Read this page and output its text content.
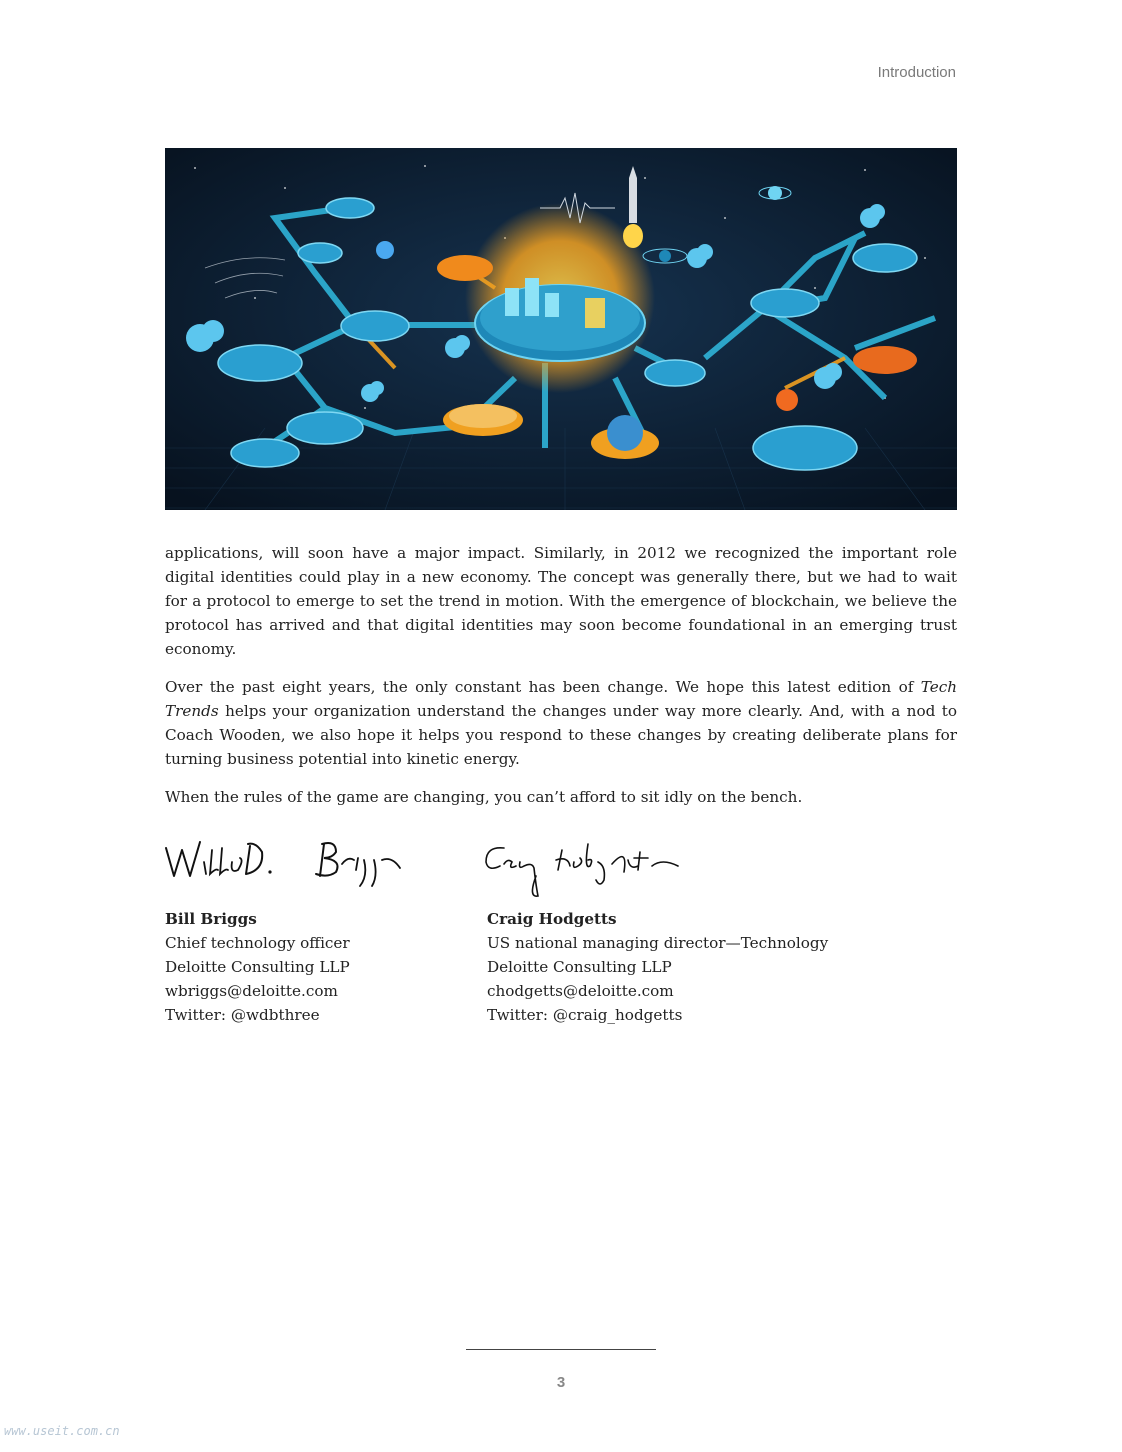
Introduction

applications, will soon have a major impact. Similarly, in 2012 we recognized the important role digital identities could play in a new economy. The concept was generally there, but we had to wait for a protocol to emerge to set the trend in motion. With the emergence of blockchain, we believe the protocol has arrived and that digital identities may soon become foundational in an emerging trust economy.

Over the past eight years, the only constant has been change. We hope this latest edition of Tech Trends helps your organization understand the changes under way more clearly. And, with a nod to Coach Wooden, we also hope it helps you respond to these changes by creating deliberate plans for turning business potential into kinetic energy.

When the rules of the game are changing, you can’t afford to sit idly on the bench.

Bill Briggs
Chief technology officer
Deloitte Consulting LLP
wbriggs@deloitte.com
Twitter: @wdbthree
Craig Hodgetts
US national managing director—Technology
Deloitte Consulting LLP
chodgetts@deloitte.com
Twitter: @craig_hodgetts
3
www.useit.com.cn
